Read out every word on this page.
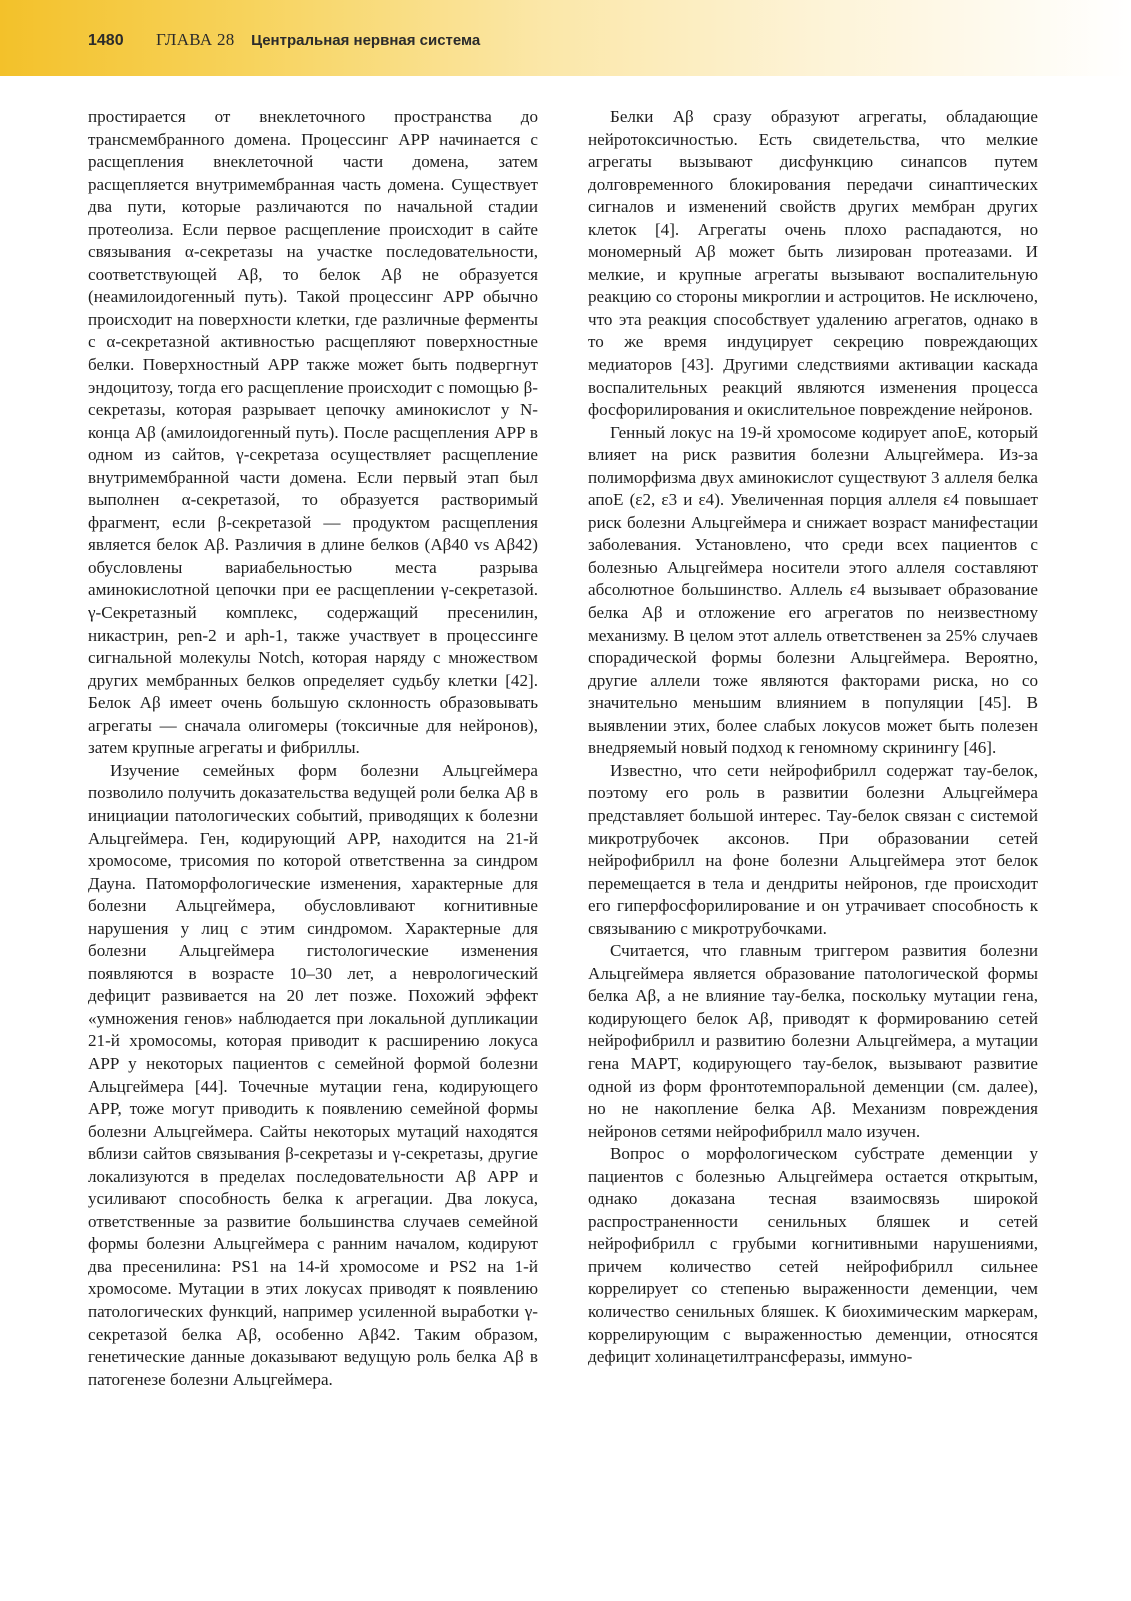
1480 ГЛАВА 28 Центральная нервная система

простирается от внеклеточного пространства до трансмембранного домена. Процессинг APP начинается с расщепления внеклеточной части домена, затем расщепляется внутримембранная часть домена. Существует два пути, которые различаются по начальной стадии протеолиза. Если первое расщепление происходит в сайте связывания α-секретазы на участке последовательности, соответствующей Aβ, то белок Aβ не образуется (неамилоидогенный путь). Такой процессинг APP обычно происходит на поверхности клетки, где различные ферменты с α-секретазной активностью расщепляют поверхностные белки. Поверхностный APP также может быть подвергнут эндоцитозу, тогда его расщепление происходит с помощью β-секретазы, которая разрывает цепочку аминокислот у N-конца Aβ (амилоидогенный путь). После расщепления APP в одном из сайтов, γ-секретаза осуществляет расщепление внутримембранной части домена. Если первый этап был выполнен α-секретазой, то образуется растворимый фрагмент, если β-секретазой — продуктом расщепления является белок Aβ. Различия в длине белков (Aβ40 vs Aβ42) обусловлены вариабельностью места разрыва аминокислотной цепочки при ее расщеплении γ-секретазой. γ-Секретазный комплекс, содержащий пресенилин, никастрин, pen-2 и aph-1, также участвует в процессинге сигнальной молекулы Notch, которая наряду с множеством других мембранных белков определяет судьбу клетки [42]. Белок Aβ имеет очень большую склонность образовывать агрегаты — сначала олигомеры (токсичные для нейронов), затем крупные агрегаты и фибриллы.

Изучение семейных форм болезни Альцгеймера позволило получить доказательства ведущей роли белка Aβ в инициации патологических событий, приводящих к болезни Альцгеймера. Ген, кодирующий APP, находится на 21-й хромосоме, трисомия по которой ответственна за синдром Дауна. Патоморфологические изменения, характерные для болезни Альцгеймера, обусловливают когнитивные нарушения у лиц с этим синдромом. Характерные для болезни Альцгеймера гистологические изменения появляются в возрасте 10–30 лет, а неврологический дефицит развивается на 20 лет позже. Похожий эффект «умножения генов» наблюдается при локальной дупликации 21-й хромосомы, которая приводит к расширению локуса APP у некоторых пациентов с семейной формой болезни Альцгеймера [44]. Точечные мутации гена, кодирующего APP, тоже могут приводить к появлению семейной формы болезни Альцгеймера. Сайты некоторых мутаций находятся вблизи сайтов связывания β-секретазы и γ-секретазы, другие локализуются в пределах последовательности Aβ APP и усиливают способность белка к агрегации. Два локуса, ответственные за развитие большинства случаев семейной формы болезни Альцгеймера с ранним началом, кодируют два пресенилина: PS1 на 14-й хромосоме и PS2 на 1-й хромосоме. Мутации в этих локусах приводят к появлению патологических функций, например усиленной выработки γ-секретазой белка Aβ, особенно Aβ42. Таким образом, генетические данные доказывают ведущую роль белка Aβ в патогенезе болезни Альцгеймера.

Белки Aβ сразу образуют агрегаты, обладающие нейротоксичностью. Есть свидетельства, что мелкие агрегаты вызывают дисфункцию синапсов путем долговременного блокирования передачи синаптических сигналов и изменений свойств других мембран других клеток [4]. Агрегаты очень плохо распадаются, но мономерный Aβ может быть лизирован протеазами. И мелкие, и крупные агрегаты вызывают воспалительную реакцию со стороны микроглии и астроцитов. Не исключено, что эта реакция способствует удалению агрегатов, однако в то же время индуцирует секрецию повреждающих медиаторов [43]. Другими следствиями активации каскада воспалительных реакций являются изменения процесса фосфорилирования и окислительное повреждение нейронов.

Генный локус на 19-й хромосоме кодирует апоE, который влияет на риск развития болезни Альцгеймера. Из-за полиморфизма двух аминокислот существуют 3 аллеля белка апоE (ε2, ε3 и ε4). Увеличенная порция аллеля ε4 повышает риск болезни Альцгеймера и снижает возраст манифестации заболевания. Установлено, что среди всех пациентов с болезнью Альцгеймера носители этого аллеля составляют абсолютное большинство. Аллель ε4 вызывает образование белка Aβ и отложение его агрегатов по неизвестному механизму. В целом этот аллель ответственен за 25% случаев спорадической формы болезни Альцгеймера. Вероятно, другие аллели тоже являются факторами риска, но со значительно меньшим влиянием в популяции [45]. В выявлении этих, более слабых локусов может быть полезен внедряемый новый подход к геномному скринингу [46].

Известно, что сети нейрофибрилл содержат тау-белок, поэтому его роль в развитии болезни Альцгеймера представляет большой интерес. Тау-белок связан с системой микротрубочек аксонов. При образовании сетей нейрофибрилл на фоне болезни Альцгеймера этот белок перемещается в тела и дендриты нейронов, где происходит его гиперфосфорилирование и он утрачивает способность к связыванию с микротрубочками.

Считается, что главным триггером развития болезни Альцгеймера является образование патологической формы белка Aβ, а не влияние тау-белка, поскольку мутации гена, кодирующего белок Aβ, приводят к формированию сетей нейрофибрилл и развитию болезни Альцгеймера, а мутации гена MAPT, кодирующего тау-белок, вызывают развитие одной из форм фронтотемпоральной деменции (см. далее), но не накопление белка Aβ. Механизм повреждения нейронов сетями нейрофибрилл мало изучен.

Вопрос о морфологическом субстрате деменции у пациентов с болезнью Альцгеймера остается открытым, однако доказана тесная взаимосвязь широкой распространенности сенильных бляшек и сетей нейрофибрилл с грубыми когнитивными нарушениями, причем количество сетей нейрофибрилл сильнее коррелирует со степенью выраженности деменции, чем количество сенильных бляшек. К биохимическим маркерам, коррелирующим с выраженностью деменции, относятся дефицит холинацетилтрансферазы, иммуно-
